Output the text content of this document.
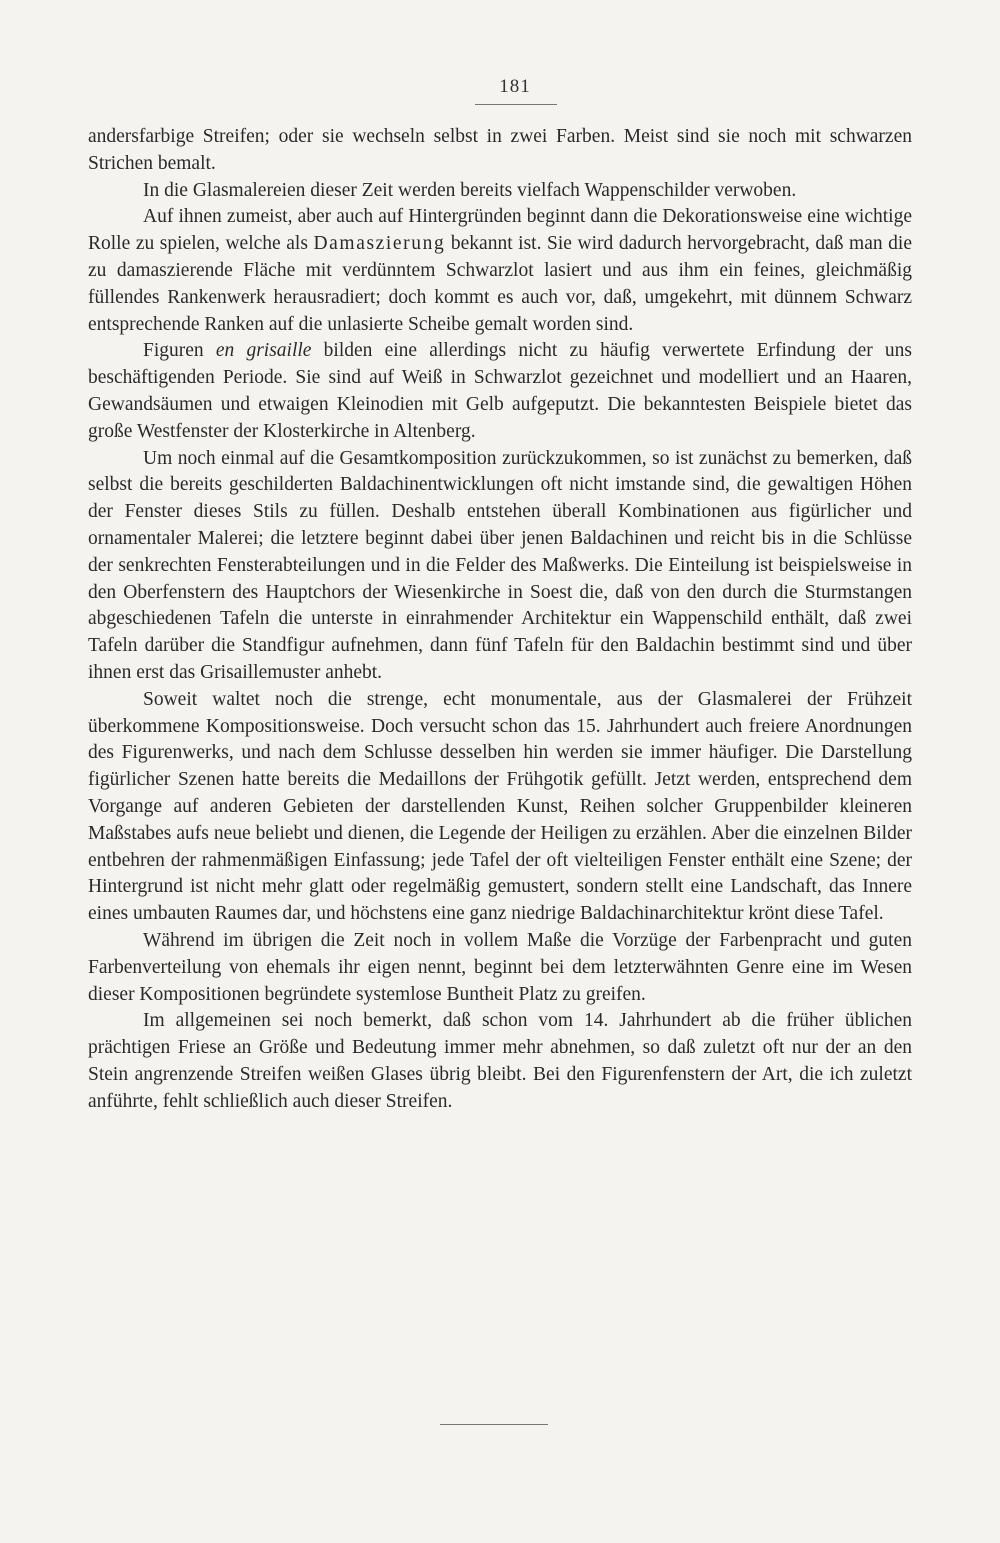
181

andersfarbige Streifen; oder sie wechseln selbst in zwei Farben. Meist sind sie noch mit schwarzen Strichen bemalt.

In die Glasmalereien dieser Zeit werden bereits vielfach Wappenschilder verwoben.

Auf ihnen zumeist, aber auch auf Hintergründen beginnt dann die Dekorationsweise eine wichtige Rolle zu spielen, welche als Damaszierung bekannt ist. Sie wird dadurch hervorgebracht, daß man die zu damaszierende Fläche mit verdünntem Schwarzlot lasiert und aus ihm ein feines, gleichmäßig füllendes Rankenwerk herausradiert; doch kommt es auch vor, daß, umgekehrt, mit dünnem Schwarz entsprechende Ranken auf die unlasierte Scheibe gemalt worden sind.

Figuren en grisaille bilden eine allerdings nicht zu häufig verwertete Erfindung der uns beschäftigenden Periode. Sie sind auf Weiß in Schwarzlot gezeichnet und modelliert und an Haaren, Gewandsäumen und etwaigen Kleinodien mit Gelb aufgeputzt. Die bekanntesten Beispiele bietet das große Westfenster der Klosterkirche in Altenberg.

Um noch einmal auf die Gesamtkomposition zurückzukommen, so ist zunächst zu bemerken, daß selbst die bereits geschilderten Baldachinentwicklungen oft nicht imstande sind, die gewaltigen Höhen der Fenster dieses Stils zu füllen. Deshalb entstehen überall Kombinationen aus figürlicher und ornamentaler Malerei; die letztere beginnt dabei über jenen Baldachinen und reicht bis in die Schlüsse der senkrechten Fensterabteilungen und in die Felder des Maßwerks. Die Einteilung ist beispielsweise in den Oberfenstern des Hauptchors der Wiesenkirche in Soest die, daß von den durch die Sturmstangen abgeschiedenen Tafeln die unterste in einrahmender Architektur ein Wappenschild enthält, daß zwei Tafeln darüber die Standfigur aufnehmen, dann fünf Tafeln für den Baldachin bestimmt sind und über ihnen erst das Grisaillemuster anhebt.

Soweit waltet noch die strenge, echt monumentale, aus der Glasmalerei der Frühzeit überkommene Kompositionsweise. Doch versucht schon das 15. Jahrhundert auch freiere Anordnungen des Figurenwerks, und nach dem Schlusse desselben hin werden sie immer häufiger. Die Darstellung figürlicher Szenen hatte bereits die Medaillons der Frühgotik gefüllt. Jetzt werden, entsprechend dem Vorgange auf anderen Gebieten der darstellenden Kunst, Reihen solcher Gruppenbilder kleineren Maßstabes aufs neue beliebt und dienen, die Legende der Heiligen zu erzählen. Aber die einzelnen Bilder entbehren der rahmenmäßigen Einfassung; jede Tafel der oft vielteiligen Fenster enthält eine Szene; der Hintergrund ist nicht mehr glatt oder regelmäßig gemustert, sondern stellt eine Landschaft, das Innere eines umbauten Raumes dar, und höchstens eine ganz niedrige Baldachinarchitektur krönt diese Tafel.

Während im übrigen die Zeit noch in vollem Maße die Vorzüge der Farbenpracht und guten Farbenverteilung von ehemals ihr eigen nennt, beginnt bei dem letzterwähnten Genre eine im Wesen dieser Kompositionen begründete systemlose Buntheit Platz zu greifen.

Im allgemeinen sei noch bemerkt, daß schon vom 14. Jahrhundert ab die früher üblichen prächtigen Friese an Größe und Bedeutung immer mehr abnehmen, so daß zuletzt oft nur der an den Stein angrenzende Streifen weißen Glases übrig bleibt. Bei den Figurenfenstern der Art, die ich zuletzt anführte, fehlt schließlich auch dieser Streifen.
